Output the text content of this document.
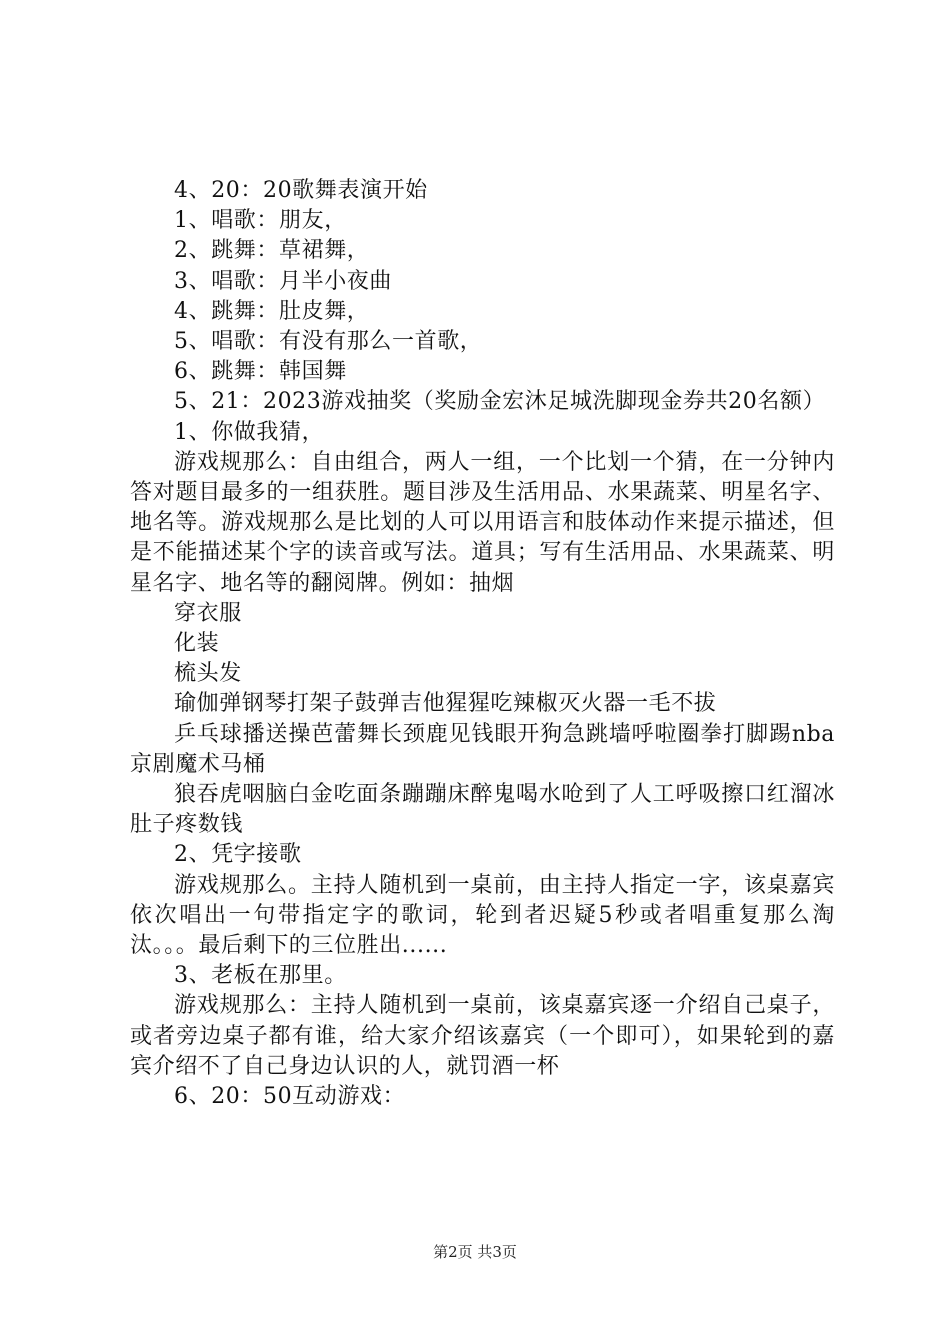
4、20：20歌舞表演开始
1、唱歌：朋友，
2、跳舞：草裙舞，
3、唱歌：月半小夜曲
4、跳舞：肚皮舞，
5、唱歌：有没有那么一首歌，
6、跳舞：韩国舞
5、21：2023游戏抽奖（奖励金宏沐足城洗脚现金券共20名额）
1、你做我猜，
游戏规那么：自由组合，两人一组，一个比划一个猜，在一分钟内答对题目最多的一组获胜。题目涉及生活用品、水果蔬菜、明星名字、地名等。游戏规那么是比划的人可以用语言和肢体动作来提示描述，但是不能描述某个字的读音或写法。道具；写有生活用品、水果蔬菜、明星名字、地名等的翻阅牌。例如：抽烟
穿衣服
化装
梳头发
瑜伽弹钢琴打架子鼓弹吉他猩猩吃辣椒灭火器一毛不拔
乒乓球播送操芭蕾舞长颈鹿见钱眼开狗急跳墙呼啦圈拳打脚踢nba京剧魔术马桶
狼吞虎咽脑白金吃面条蹦蹦床醉鬼喝水呛到了人工呼吸擦口红溜冰肚子疼数钱
2、凭字接歌
游戏规那么。主持人随机到一桌前，由主持人指定一字，该桌嘉宾依次唱出一句带指定字的歌词，轮到者迟疑5秒或者唱重复那么淘汰。。。最后剩下的三位胜出......
3、老板在那里。
游戏规那么：主持人随机到一桌前，该桌嘉宾逐一介绍自己桌子，或者旁边桌子都有谁，给大家介绍该嘉宾（一个即可），如果轮到的嘉宾介绍不了自己身边认识的人，就罚酒一杯
6、20：50互动游戏：
第2页 共3页
